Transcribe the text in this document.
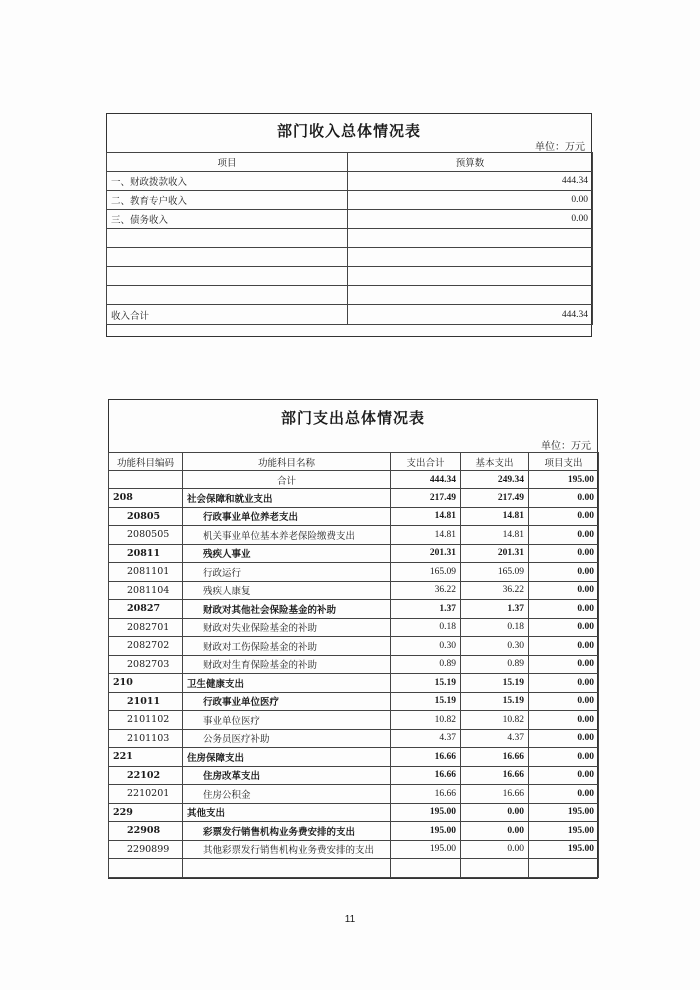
部门收入总体情况表
单位：万元
项目	预算数
一、财政拨款收入	444.34
二、教育专户收入	0.00
三、债务收入	0.00

收入合计	444.34
部门支出总体情况表
单位：万元
功能科目编码	功能科目名称	支出合计	基本支出	项目支出
	合计	444.34	249.34	195.00
208	社会保障和就业支出	217.49	217.49	0.00
20805	行政事业单位养老支出	14.81	14.81	0.00
2080505	机关事业单位基本养老保险缴费支出	14.81	14.81	0.00
20811	残疾人事业	201.31	201.31	0.00
2081101	行政运行	165.09	165.09	0.00
2081104	残疾人康复	36.22	36.22	0.00
20827	财政对其他社会保险基金的补助	1.37	1.37	0.00
2082701	财政对失业保险基金的补助	0.18	0.18	0.00
2082702	财政对工伤保险基金的补助	0.30	0.30	0.00
2082703	财政对生育保险基金的补助	0.89	0.89	0.00
210	卫生健康支出	15.19	15.19	0.00
21011	行政事业单位医疗	15.19	15.19	0.00
2101102	事业单位医疗	10.82	10.82	0.00
2101103	公务员医疗补助	4.37	4.37	0.00
221	住房保障支出	16.66	16.66	0.00
22102	住房改革支出	16.66	16.66	0.00
2210201	住房公积金	16.66	16.66	0.00
229	其他支出	195.00	0.00	195.00
22908	彩票发行销售机构业务费安排的支出	195.00	0.00	195.00
2290899	其他彩票发行销售机构业务费安排的支出	195.00	0.00	195.00

11
